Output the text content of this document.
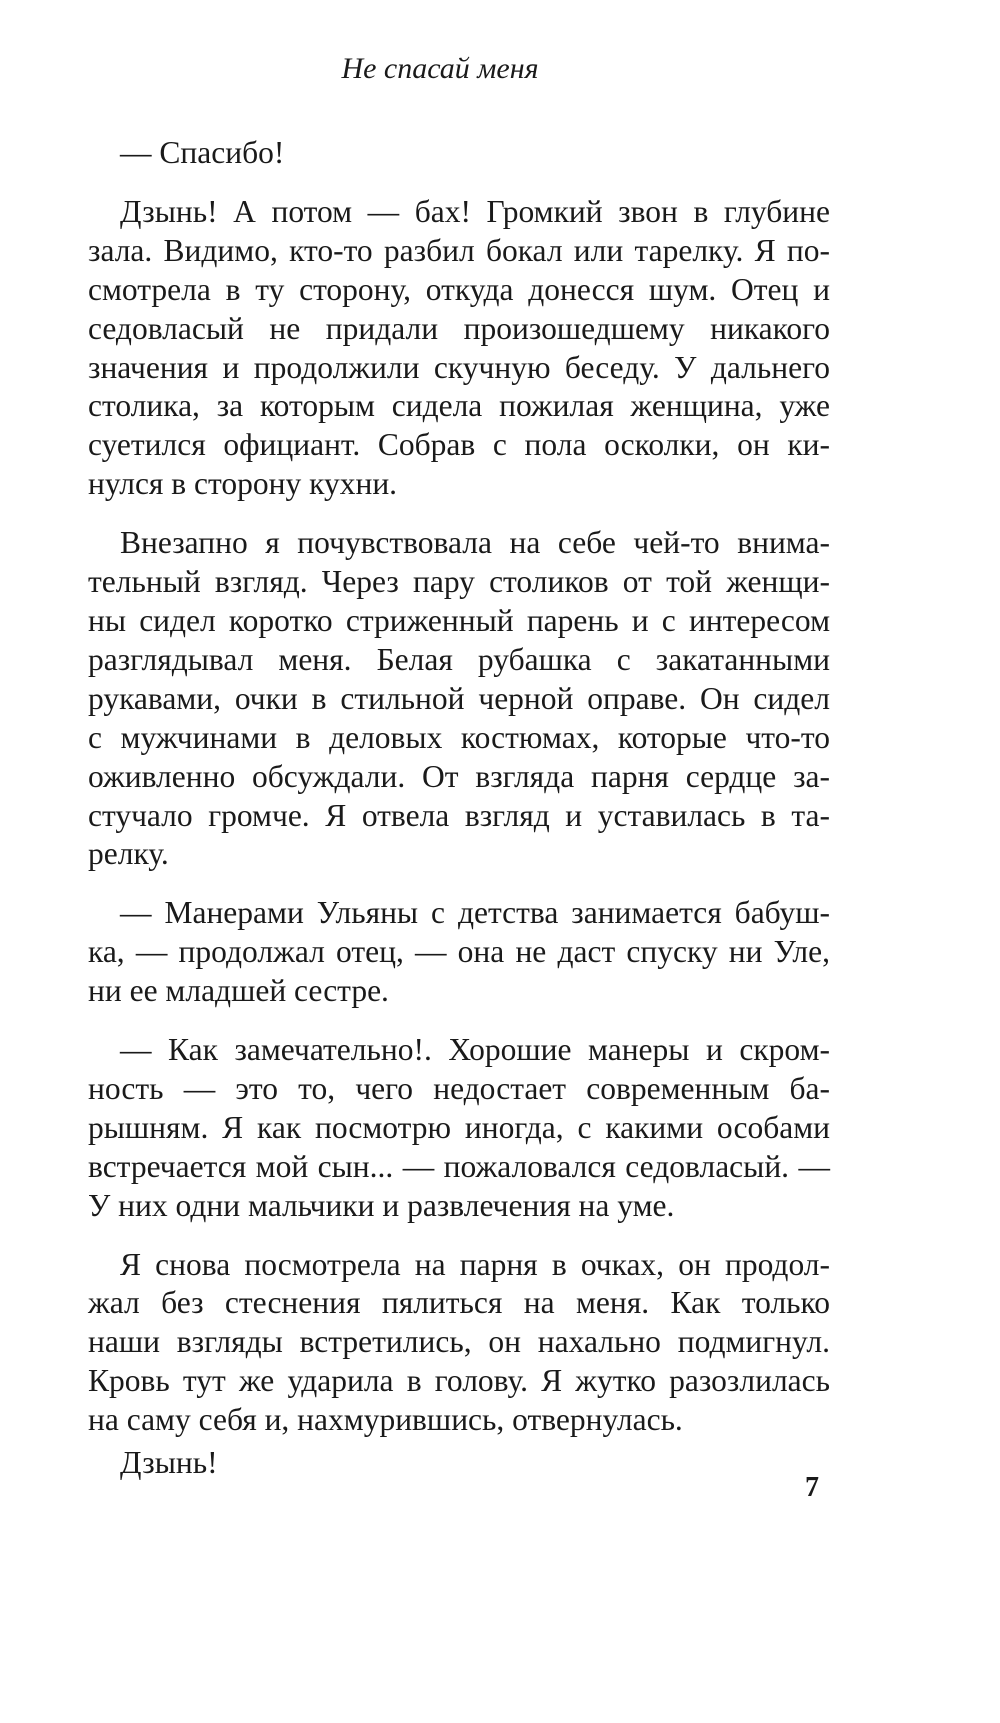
Не спасай меня
— Спасибо!
Дзынь! А потом — бах! Громкий звон в глубине
зала. Видимо, кто-то разбил бокал или тарелку. Я по-
смотрела в ту сторону, откуда донесся шум. Отец и
седовласый не придали произошедшему никакого
значения и продолжили скучную беседу. У дальнего
столика, за которым сидела пожилая женщина, уже
суетился официант. Собрав с пола осколки, он ки-
нулся в сторону кухни.
Внезапно я почувствовала на себе чей-то внима-
тельный взгляд. Через пару столиков от той женщи-
ны сидел коротко стриженный парень и с интересом
разглядывал меня. Белая рубашка с закатанными
рукавами, очки в стильной черной оправе. Он сидел
с мужчинами в деловых костюмах, которые что-то
оживленно обсуждали. От взгляда парня сердце за-
стучало громче. Я отвела взгляд и уставилась в та-
релку.
— Манерами Ульяны с детства занимается бабуш-
ка, — продолжал отец, — она не даст спуску ни Уле,
ни ее младшей сестре.
— Как замечательно!. Хорошие манеры и скром-
ность — это то, чего недостает современным ба-
рышням. Я как посмотрю иногда, с какими особами
встречается мой сын... — пожаловался седовласый. —
У них одни мальчики и развлечения на уме.
Я снова посмотрела на парня в очках, он продол-
жал без стеснения пялиться на меня. Как только
наши взгляды встретились, он нахально подмигнул.
Кровь тут же ударила в голову. Я жутко разозлилась
на саму себя и, нахмурившись, отвернулась.
Дзынь!
7
